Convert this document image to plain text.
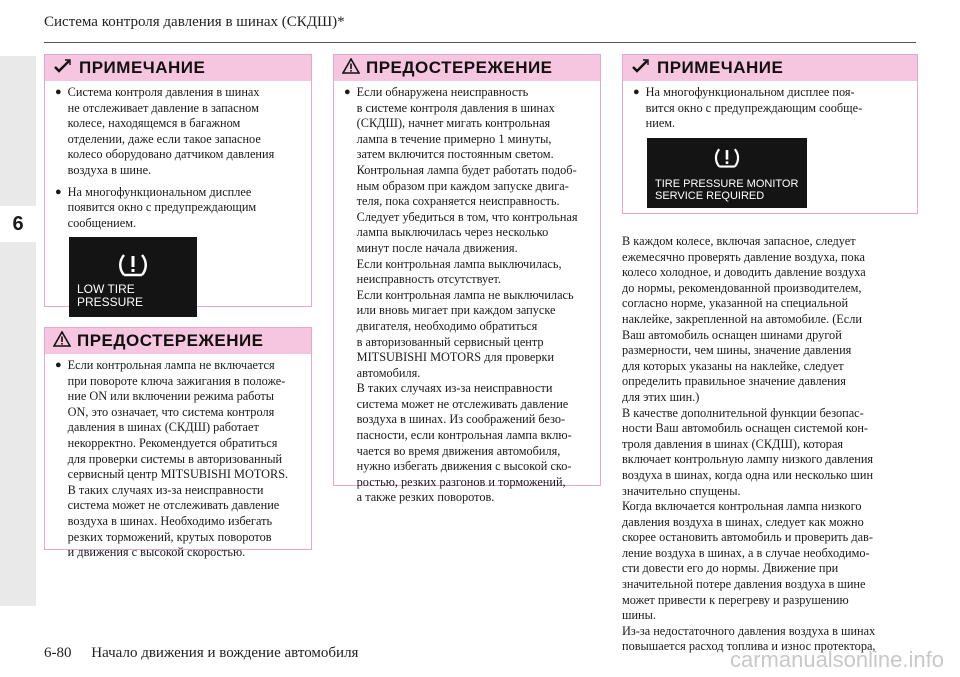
Система контроля давления в шинах (СКДШ)*
6
ПРИМЕЧАНИЕ
● Система контроля давления в шинах
не отслеживает давление в запасном
колесе, находящемся в багажном
отделении, даже если такое запасное
колесо оборудовано датчиком давления
воздуха в шине.
● На многофункциональном дисплее
появится окно с предупреждающим
сообщением.
LOW TIRE PRESSURE
ПРЕДОСТЕРЕЖЕНИЕ
● Если контрольная лампа не включается
при повороте ключа зажигания в положе-
ние ON или включении режима работы
ON, это означает, что система контроля
давления в шинах (СКДШ) работает
некорректно. Рекомендуется обратиться
для проверки системы в авторизованный
сервисный центр MITSUBISHI MOTORS.
В таких случаях из-за неисправности
система может не отслеживать давление
воздуха в шинах. Необходимо избегать
резких торможений, крутых поворотов
и движения с высокой скоростью.
ПРЕДОСТЕРЕЖЕНИЕ
● Если обнаружена неисправность
в системе контроля давления в шинах
(СКДШ), начнет мигать контрольная
лампа в течение примерно 1 минуты,
затем включится постоянным светом.
Контрольная лампа будет работать подоб-
ным образом при каждом запуске двига-
теля, пока сохраняется неисправность.
Следует убедиться в том, что контрольная
лампа выключилась через несколько
минут после начала движения.
Если контрольная лампа выключилась,
неисправность отсутствует.
Если контрольная лампа не выключилась
или вновь мигает при каждом запуске
двигателя, необходимо обратиться
в авторизованный сервисный центр
MITSUBISHI MOTORS для проверки
автомобиля.
В таких случаях из-за неисправности
система может не отслеживать давление
воздуха в шинах. Из соображений безо-
пасности, если контрольная лампа вклю-
чается во время движения автомобиля,
нужно избегать движения с высокой ско-
ростью, резких разгонов и торможений,
а также резких поворотов.
ПРИМЕЧАНИЕ
● На многофункциональном дисплее поя-
вится окно с предупреждающим сообще-
нием.
TIRE PRESSURE MONITOR
SERVICE REQUIRED
В каждом колесе, включая запасное, следует
ежемесячно проверять давление воздуха, пока
колесо холодное, и доводить давление воздуха
до нормы, рекомендованной производителем,
согласно норме, указанной на специальной
наклейке, закрепленной на автомобиле. (Если
Ваш автомобиль оснащен шинами другой
размерности, чем шины, значение давления
для которых указаны на наклейке, следует
определить правильное значение давления
для этих шин.)
В качестве дополнительной функции безопас-
ности Ваш автомобиль оснащен системой кон-
троля давления в шинах (СКДШ), которая
включает контрольную лампу низкого давления
воздуха в шинах, когда одна или несколько шин
значительно спущены.
Когда включается контрольная лампа низкого
давления воздуха в шинах, следует как можно
скорее остановить автомобиль и проверить дав-
ление воздуха в шинах, а в случае необходимо-
сти довести его до нормы. Движение при
значительной потере давления воздуха в шине
может привести к перегреву и разрушению
шины.
Из-за недостаточного давления воздуха в шинах
повышается расход топлива и износ протектора,
6-80 Начало движения и вождение автомобиля	carmanualsonline.info
